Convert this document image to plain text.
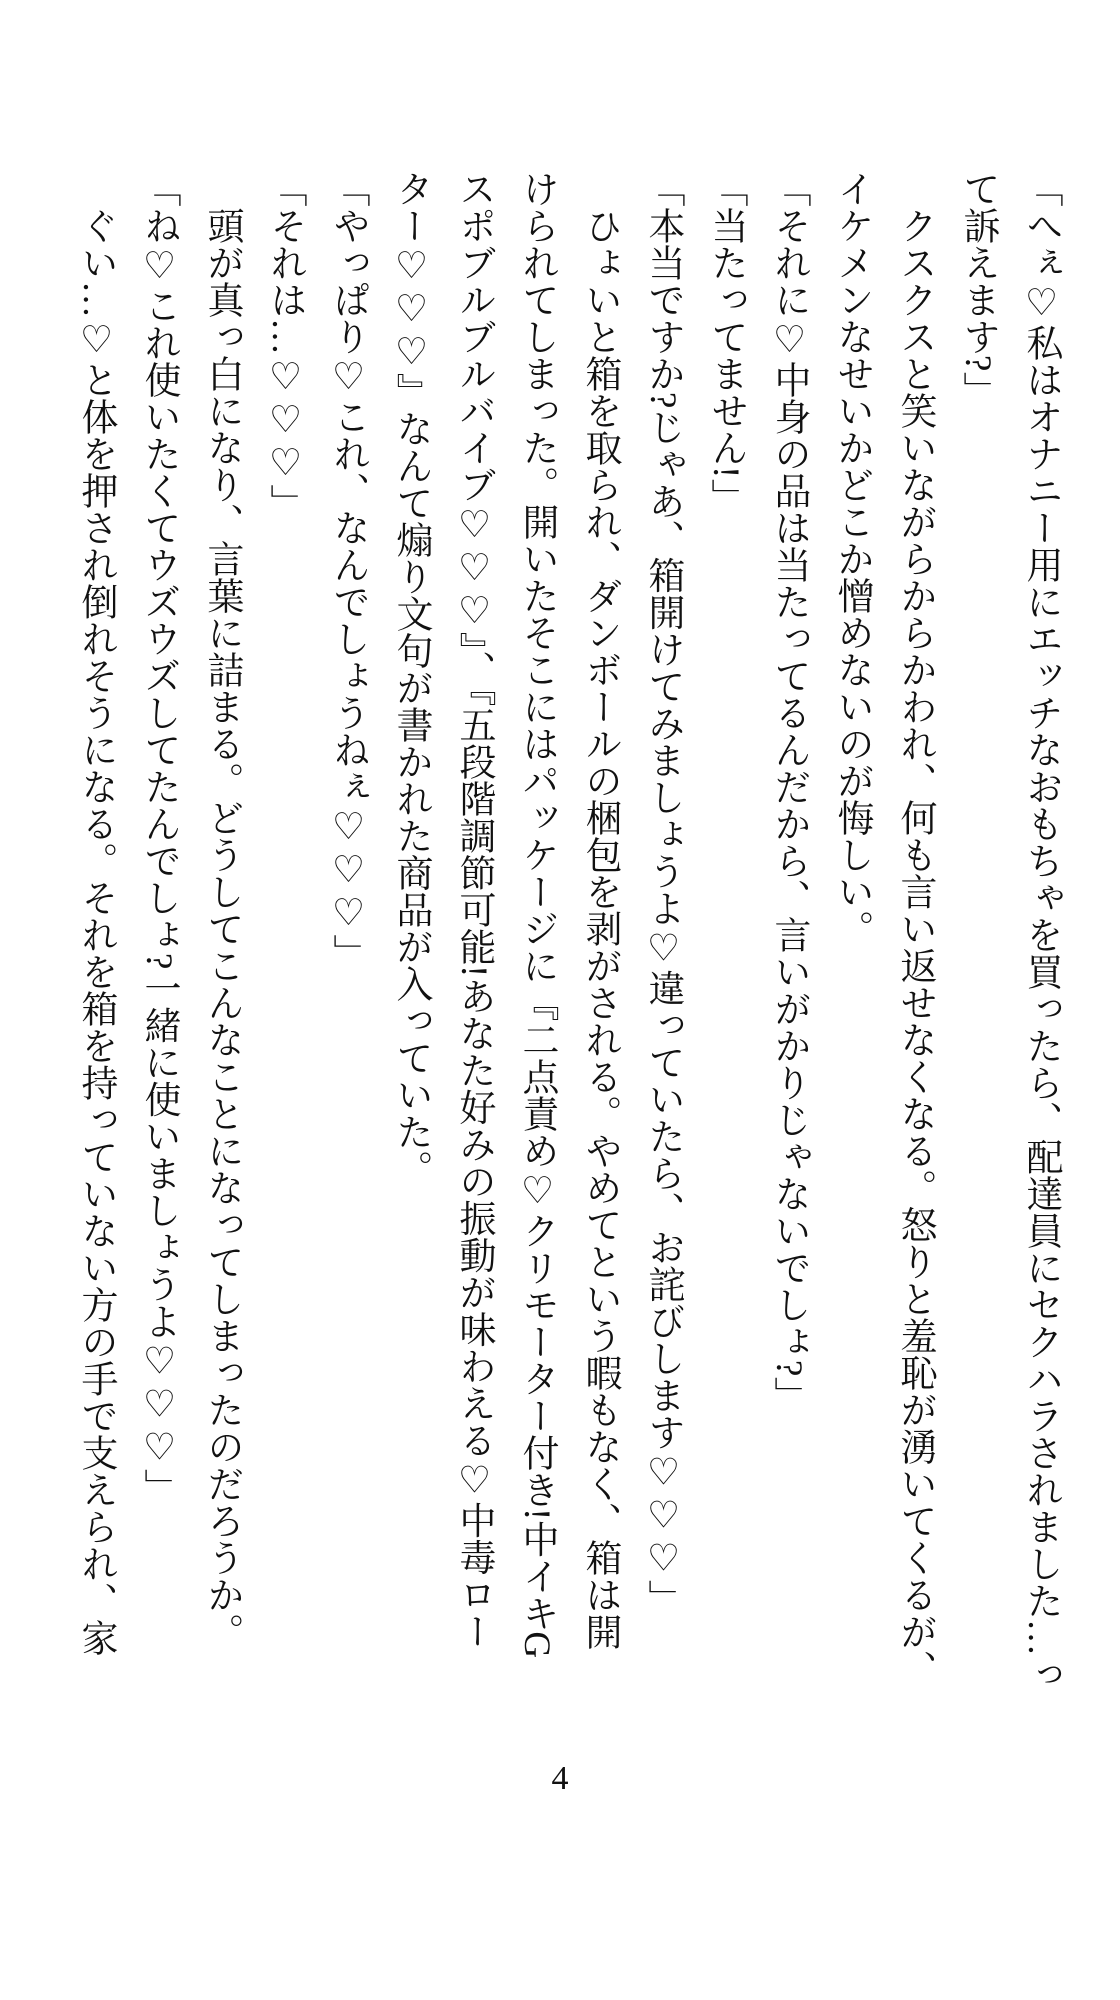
「へぇ♡私はオナニー用にエッチなおもちゃを買ったら、配達員にセクハラされました…っ
て訴えます?」
クスクスと笑いながらからかわれ、何も言い返せなくなる。怒りと羞恥が湧いてくるが、
イケメンなせいかどこか憎めないのが悔しい。
「それに♡中身の品は当たってるんだから、言いがかりじゃないでしょ?」
「当たってません!」
「本当ですか?じゃあ、箱開けてみましょうよ♡違っていたら、お詫びします♡♡♡」
ひょいと箱を取られ、ダンボールの梱包を剥がされる。やめてという暇もなく、箱は開
けられてしまった。開いたそこにはパッケージに『二点責め♡クリモーター付き!中イキG
スポブルブルバイブ♡♡♡』、『五段階調節可能!あなた好みの振動が味わえる♡中毒ロー
ター♡♡♡』なんて煽り文句が書かれた商品が入っていた。
「やっぱり♡これ、なんでしょうねぇ♡♡♡」
「それは…♡♡♡」
頭が真っ白になり、言葉に詰まる。どうしてこんなことになってしまったのだろうか。
「ね♡これ使いたくてウズウズしてたんでしょ?一緒に使いましょうよ♡♡♡」
ぐい…♡と体を押され倒れそうになる。それを箱を持っていない方の手で支えられ、家
4
